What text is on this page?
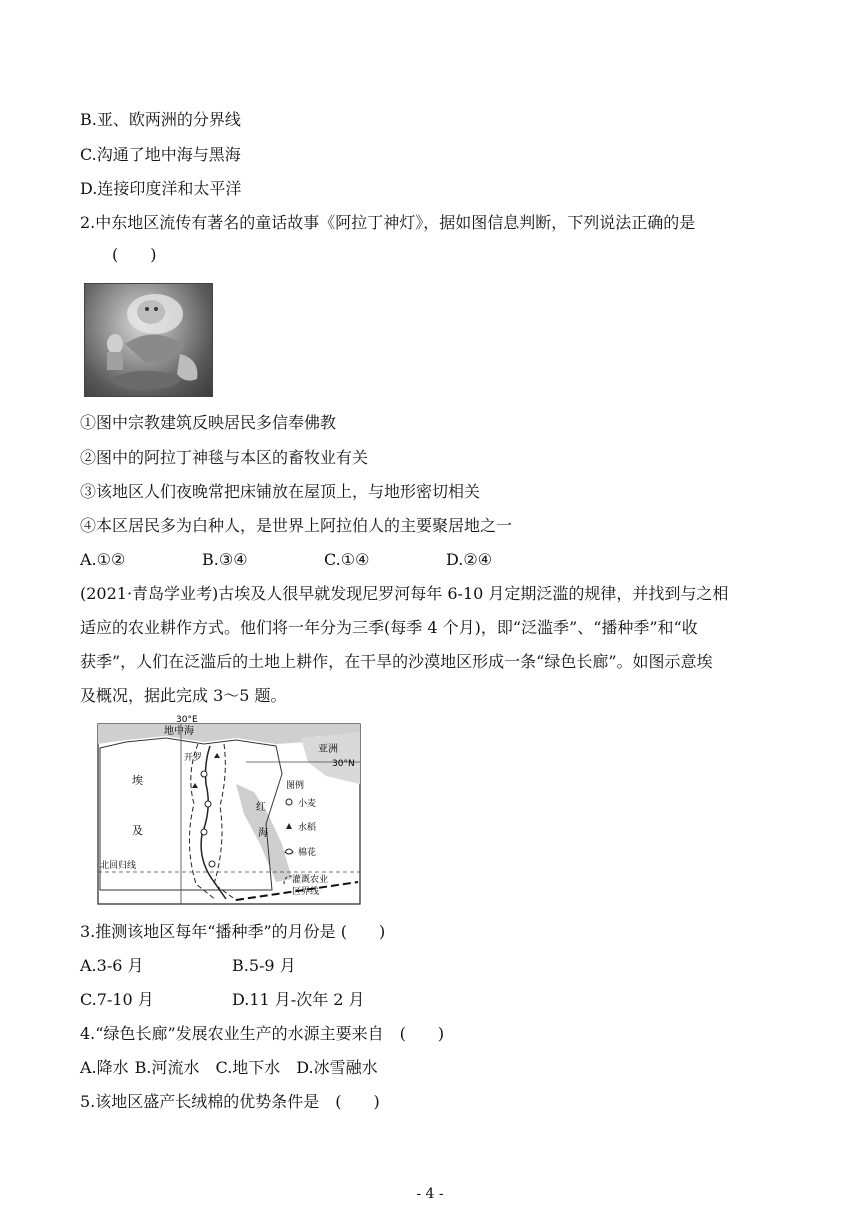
B.亚、欧两洲的分界线
C.沟通了地中海与黑海
D.连接印度洋和太平洋
2.中东地区流传有著名的童话故事《阿拉丁神灯》，据如图信息判断，下列说法正确的是
(　　)
①图中宗教建筑反映居民多信奉佛教
②图中的阿拉丁神毯与本区的畜牧业有关
③该地区人们夜晚常把床铺放在屋顶上，与地形密切相关
④本区居民多为白种人，是世界上阿拉伯人的主要聚居地之一
A.①②	B.③④	C.①④	D.②④
(2021·青岛学业考)古埃及人很早就发现尼罗河每年 6-10 月定期泛滥的规律，并找到与之相
适应的农业耕作方式。他们将一年分为三季(每季 4 个月)，即“泛滥季”、“播种季”和“收
获季”，人们在泛滥后的土地上耕作，在干旱的沙漠地区形成一条“绿色长廊”。如图示意埃
及概况，据此完成 3～5 题。
30°E
地中海
亚洲
30°N
开罗
埃
及
红
海
北回归线
图例
小麦
水稻
棉花
灌溉农业
区界线
3.推测该地区每年“播种季”的月份是 (　　)
A.3-6 月	B.5-9 月
C.7-10 月	D.11 月-次年 2 月
4.“绿色长廊”发展农业生产的水源主要来自　(　　)
A.降水 B.河流水 C.地下水 D.冰雪融水
5.该地区盛产长绒棉的优势条件是　(　　)
- 4 -
